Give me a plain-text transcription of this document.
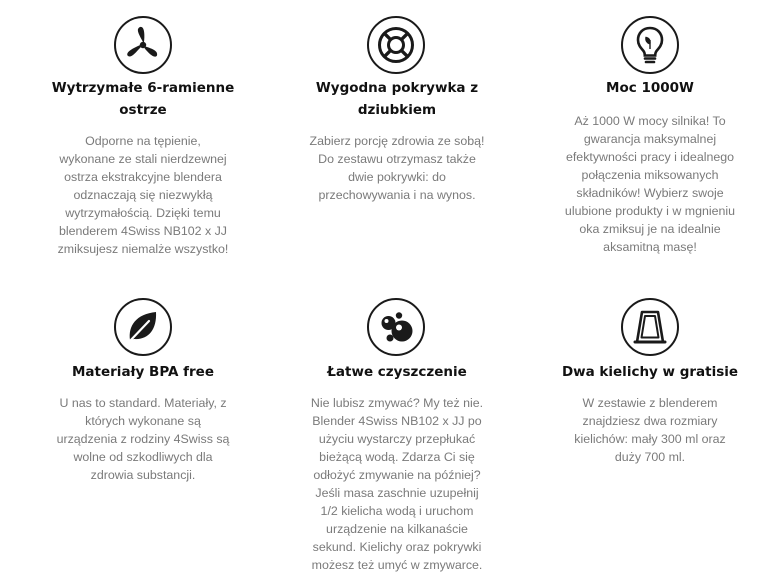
Wytrzymałe 6-ramienne
ostrze
Odporne na tępienie,
wykonane ze stali nierdzewnej
ostrza ekstrakcyjne blendera
odznaczają się niezwykłą
wytrzymałością. Dzięki temu
blenderem 4Swiss NB102 x JJ
zmiksujesz niemalże wszystko!
Wygodna pokrywka z
dziubkiem
Zabierz porcję zdrowia ze sobą!
Do zestawu otrzymasz także
dwie pokrywki: do
przechowywania i na wynos.
Moc 1000W
Aż 1000 W mocy silnika! To
gwarancja maksymalnej
efektywności pracy i idealnego
połączenia miksowanych
składników! Wybierz swoje
ulubione produkty i w mgnieniu
oka zmiksuj je na idealnie
aksamitną masę!
Materiały BPA free
U nas to standard. Materiały, z
których wykonane są
urządzenia z rodziny 4Swiss są
wolne od szkodliwych dla
zdrowia substancji.
Łatwe czyszczenie
Nie lubisz zmywać? My też nie.
Blender 4Swiss NB102 x JJ po
użyciu wystarczy przepłukać
bieżącą wodą. Zdarza Ci się
odłożyć zmywanie na później?
Jeśli masa zaschnie uzupełnij
1/2 kielicha wodą i uruchom
urządzenie na kilkanaście
sekund. Kielichy oraz pokrywki
możesz też umyć w zmywarce.
Dwa kielichy w gratisie
W zestawie z blenderem
znajdziesz dwa rozmiary
kielichów: mały 300 ml oraz
duży 700 ml.
